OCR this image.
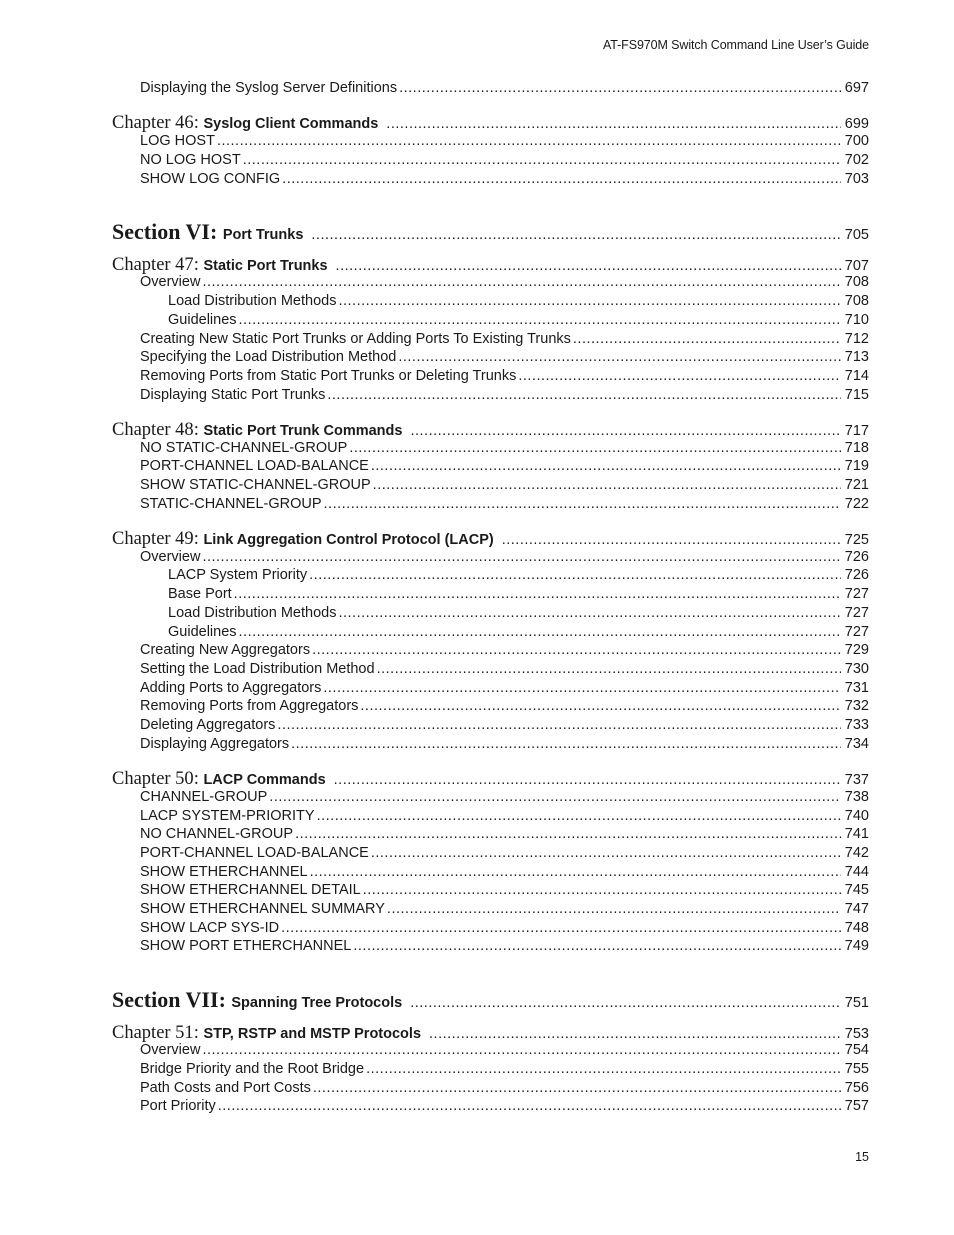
AT-FS970M Switch Command Line User’s Guide
Displaying the Syslog Server Definitions .....	697
Chapter 46: Syslog Client Commands .....	699
LOG HOST .....	700
NO LOG HOST .....	702
SHOW LOG CONFIG .....	703
Section VI: Port Trunks .....	705
Chapter 47: Static Port Trunks .....	707
Overview .....	708
Load Distribution Methods .....	708
Guidelines .....	710
Creating New Static Port Trunks or Adding Ports To Existing Trunks .....	712
Specifying the Load Distribution Method .....	713
Removing Ports from Static Port Trunks or Deleting Trunks .....	714
Displaying Static Port Trunks .....	715
Chapter 48: Static Port Trunk Commands .....	717
NO STATIC-CHANNEL-GROUP .....	718
PORT-CHANNEL LOAD-BALANCE .....	719
SHOW STATIC-CHANNEL-GROUP .....	721
STATIC-CHANNEL-GROUP .....	722
Chapter 49: Link Aggregation Control Protocol (LACP) .....	725
Overview .....	726
LACP System Priority .....	726
Base Port .....	727
Load Distribution Methods .....	727
Guidelines .....	727
Creating New Aggregators .....	729
Setting the Load Distribution Method .....	730
Adding Ports to Aggregators .....	731
Removing Ports from Aggregators .....	732
Deleting Aggregators .....	733
Displaying Aggregators .....	734
Chapter 50: LACP Commands .....	737
CHANNEL-GROUP .....	738
LACP SYSTEM-PRIORITY .....	740
NO CHANNEL-GROUP .....	741
PORT-CHANNEL LOAD-BALANCE .....	742
SHOW ETHERCHANNEL .....	744
SHOW ETHERCHANNEL DETAIL .....	745
SHOW ETHERCHANNEL SUMMARY .....	747
SHOW LACP SYS-ID .....	748
SHOW PORT ETHERCHANNEL .....	749
Section VII: Spanning Tree Protocols .....	751
Chapter 51: STP, RSTP and MSTP Protocols .....	753
Overview .....	754
Bridge Priority and the Root Bridge .....	755
Path Costs and Port Costs .....	756
Port Priority .....	757
15
